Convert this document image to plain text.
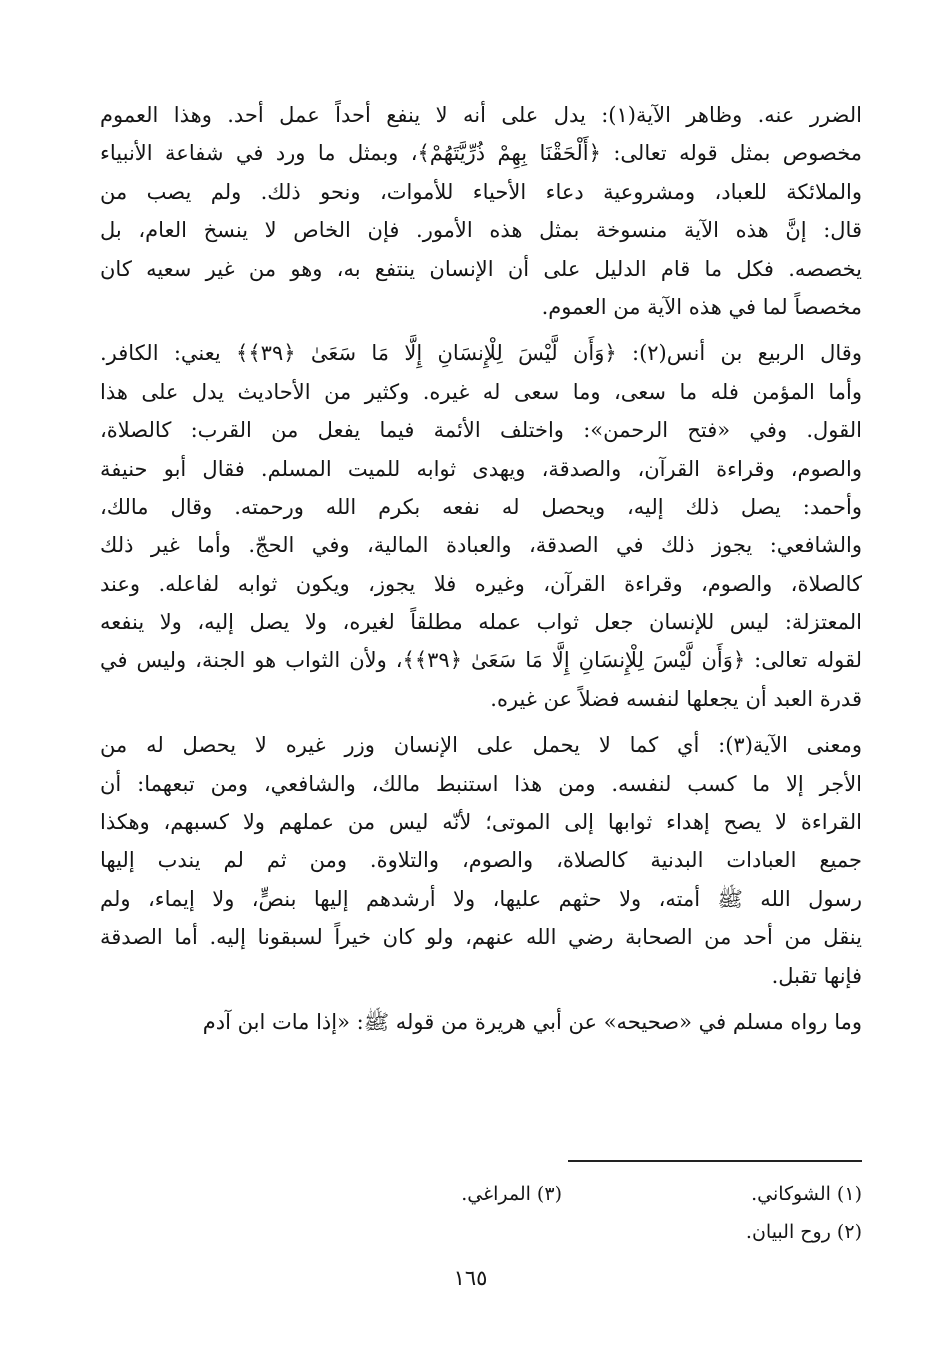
الضرر عنه. وظاهر الآية(١): يدل على أنه لا ينفع أحداً عمل أحد. وهذا العموم
مخصوص بمثل قوله تعالى: ﴿أَلْحَقْنَا بِهِمْ ذُرِّيَّتَهُمْ﴾، وبمثل ما ورد في شفاعة الأنبياء
والملائكة للعباد، ومشروعية دعاء الأحياء للأموات، ونحو ذلك. ولم يصب من
قال: إنَّ هذه الآية منسوخة بمثل هذه الأمور. فإن الخاص لا ينسخ العام، بل
يخصصه. فكل ما قام الدليل على أن الإنسان ينتفع به، وهو من غير سعيه كان
مخصصاً لما في هذه الآية من العموم.
وقال الربيع بن أنس(٢): ﴿وَأَن لَّيْسَ لِلْإِنسَانِ إِلَّا مَا سَعَىٰ ﴿٣٩﴾﴾ يعني: الكافر.
وأما المؤمن فله ما سعى، وما سعى له غيره. وكثير من الأحاديث يدل على هذا
القول. وفي «فتح الرحمن»: واختلف الأئمة فيما يفعل من القرب: كالصلاة،
والصوم، وقراءة القرآن، والصدقة، ويهدى ثوابه للميت المسلم. فقال أبو حنيفة
وأحمد: يصل ذلك إليه، ويحصل له نفعه بكرم الله ورحمته. وقال مالك،
والشافعي: يجوز ذلك في الصدقة، والعبادة المالية، وفي الحجّ. وأما غير ذلك
كالصلاة، والصوم، وقراءة القرآن، وغيره فلا يجوز، ويكون ثوابه لفاعله. وعند
المعتزلة: ليس للإنسان جعل ثواب عمله مطلقاً لغيره، ولا يصل إليه، ولا ينفعه
لقوله تعالى: ﴿وَأَن لَّيْسَ لِلْإِنسَانِ إِلَّا مَا سَعَىٰ ﴿٣٩﴾﴾، ولأن الثواب هو الجنة، وليس في
قدرة العبد أن يجعلها لنفسه فضلاً عن غيره.
ومعنى الآية(٣): أي كما لا يحمل على الإنسان وزر غيره لا يحصل له من
الأجر إلا ما كسب لنفسه. ومن هذا استنبط مالك، والشافعي، ومن تبعهما: أن
القراءة لا يصح إهداء ثوابها إلى الموتى؛ لأنّه ليس من عملهم ولا كسبهم، وهكذا
جميع العبادات البدنية كالصلاة، والصوم، والتلاوة. ومن ثم لم يندب إليها
رسول الله ﷺ أمته، ولا حثهم عليها، ولا أرشدهم إليها بنصٍّ، ولا إيماء، ولم
ينقل من أحد من الصحابة رضي الله عنهم، ولو كان خيراً لسبقونا إليه. أما الصدقة
فإنها تقبل.
وما رواه مسلم في «صحيحه» عن أبي هريرة من قوله ﷺ: «إذا مات ابن آدم
(١) الشوكاني.
(٣) المراغي.
(٢) روح البيان.
١٦٥
